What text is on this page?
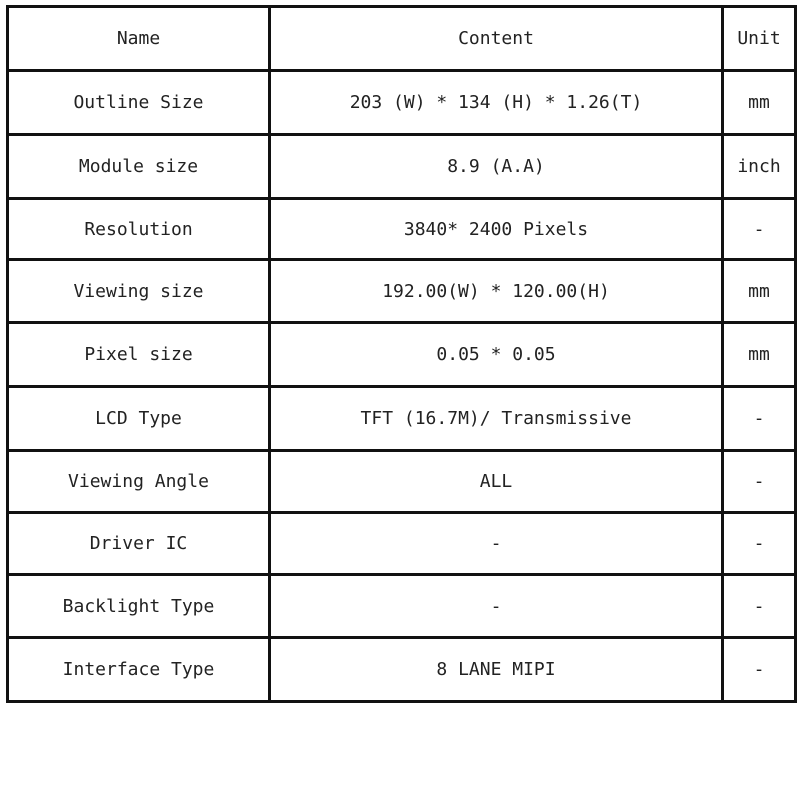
Name	Content	Unit
Outline Size	203 (W) * 134 (H) * 1.26(T)	mm
Module size	8.9 (A.A)	inch
Resolution	3840* 2400 Pixels	-
Viewing size	192.00(W) * 120.00(H)	mm
Pixel size	0.05 * 0.05	mm
LCD Type	TFT (16.7M)/ Transmissive	-
Viewing Angle	ALL	-
Driver IC	-	-
Backlight Type	-	-
Interface Type	8 LANE MIPI	-
